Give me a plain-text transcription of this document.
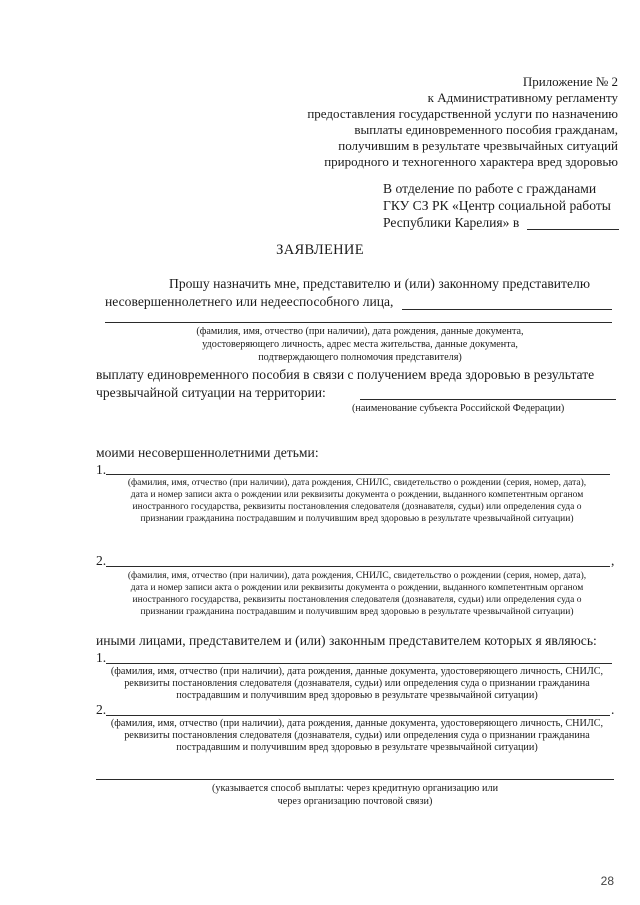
Приложение № 2
к Административному регламенту
предоставления государственной услуги по назначению
выплаты единовременного пособия гражданам,
получившим в результате чрезвычайных ситуаций
природного и техногенного характера вред здоровью
В отделение по работе с гражданами
ГКУ СЗ РК «Центр социальной работы
Республики Карелия» в
ЗАЯВЛЕНИЕ
Прошу назначить мне, представителю и (или) законному представителю
несовершеннолетнего или недееспособного лица,
(фамилия, имя, отчество (при наличии), дата рождения, данные документа,
удостоверяющего личность, адрес места жительства, данные документа,
подтверждающего полномочия представителя)
выплату единовременного пособия в связи с получением вреда здоровью в результате
чрезвычайной ситуации на территории:
(наименование субъекта Российской Федерации)
моими несовершеннолетними детьми:
1.
(фамилия, имя, отчество (при наличии), дата рождения, СНИЛС, свидетельство о рождении (серия, номер, дата),
дата и номер записи акта о рождении или реквизиты документа о рождении, выданного компетентным органом
иностранного государства, реквизиты постановления следователя (дознавателя, судьи) или определения суда о
признании гражданина пострадавшим и получившим вред здоровью в результате чрезвычайной ситуации)
2.	,
(фамилия, имя, отчество (при наличии), дата рождения, СНИЛС, свидетельство о рождении (серия, номер, дата),
дата и номер записи акта о рождении или реквизиты документа о рождении, выданного компетентным органом
иностранного государства, реквизиты постановления следователя (дознавателя, судьи) или определения суда о
признании гражданина пострадавшим и получившим вред здоровью в результате чрезвычайной ситуации)
иными лицами, представителем и (или) законным представителем которых я являюсь:
1.
(фамилия, имя, отчество (при наличии), дата рождения, данные документа, удостоверяющего личность, СНИЛС,
реквизиты постановления следователя (дознавателя, судьи) или определения суда о признании гражданина
пострадавшим и получившим вред здоровью в результате чрезвычайной ситуации)
2.	.
(фамилия, имя, отчество (при наличии), дата рождения, данные документа, удостоверяющего личность, СНИЛС,
реквизиты постановления следователя (дознавателя, судьи) или определения суда о признании гражданина
пострадавшим и получившим вред здоровью в результате чрезвычайной ситуации)
(указывается способ выплаты: через кредитную организацию или
через организацию почтовой связи)
28
